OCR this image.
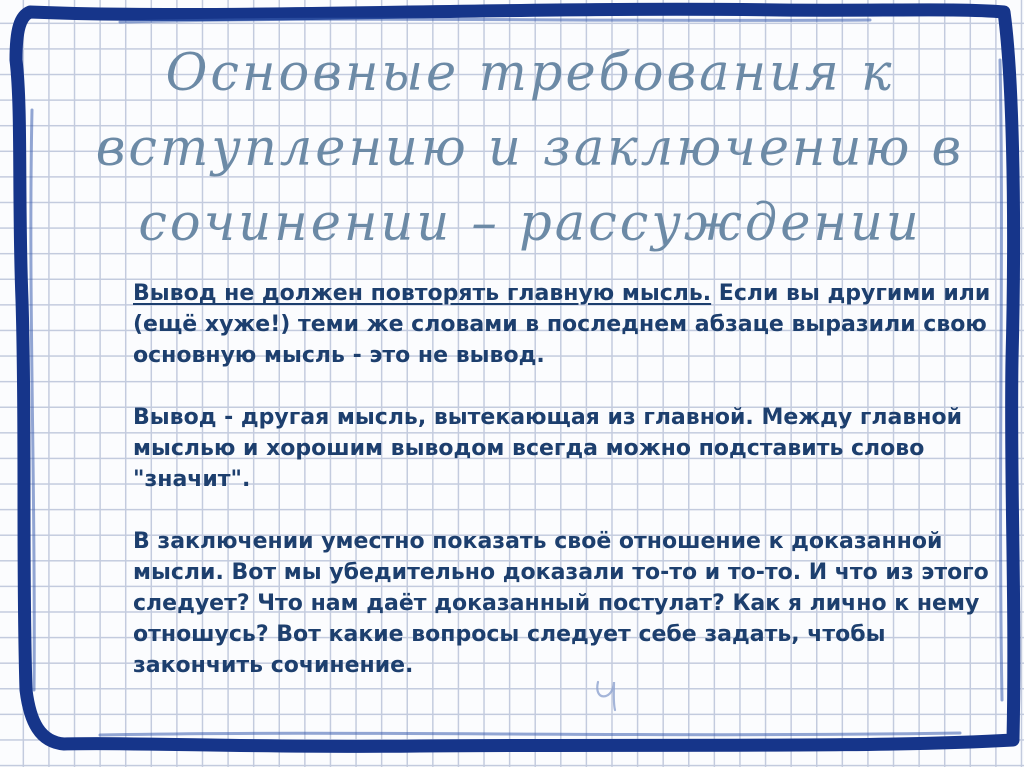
Основные требования к вступлению и заключению в сочинении – рассуждении

Вывод не должен повторять главную мысль. Если вы другими или (ещё хуже!) теми же словами в последнем абзаце выразили свою основную мысль - это не вывод.

Вывод - другая мысль, вытекающая из главной. Между главной мыслью и хорошим выводом всегда можно подставить слово "значит".

В заключении уместно показать своё отношение к доказанной мысли. Вот мы убедительно доказали то-то и то-то. И что из этого следует? Что нам даёт доказанный постулат? Как я лично к нему отношусь? Вот какие вопросы следует себе задать, чтобы закончить сочинение.
